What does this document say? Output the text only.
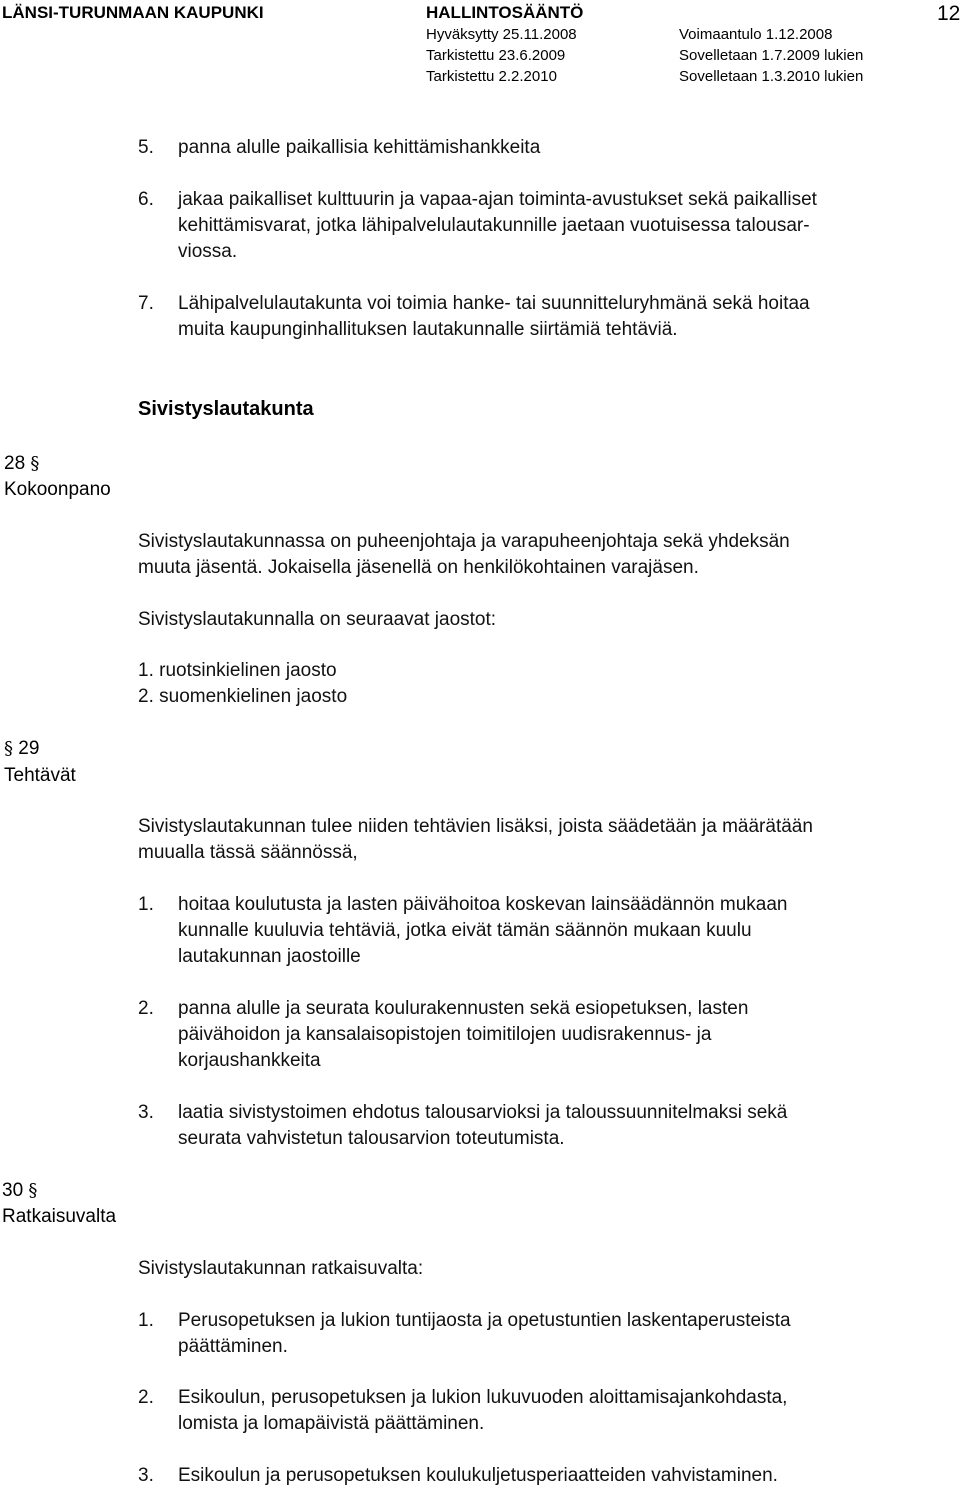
LÄNSI-TURUNMAAN KAUPUNKI	HALLINTOSÄÄNTÖ	12
Hyväksytty 25.11.2008
Tarkistettu 23.6.2009
Tarkistettu 2.2.2010
Voimaantulo 1.12.2008
Sovelletaan 1.7.2009 lukien
Sovelletaan 1.3.2010 lukien
5. panna alulle paikallisia kehittämishankkeita
6. jakaa paikalliset kulttuurin ja vapaa-ajan toiminta-avustukset sekä paikalliset
kehittämisvarat, jotka lähipalvelulautakunnille jaetaan vuotuisessa talousar-
viossa.
7. Lähipalvelulautakunta voi toimia hanke- tai suunnitteluryhmänä sekä hoitaa
muita kaupunginhallituksen lautakunnalle siirtämiä tehtäviä.
Sivistyslautakunta
28 §
Kokoonpano
Sivistyslautakunnassa on puheenjohtaja ja varapuheenjohtaja sekä yhdeksän
muuta jäsentä. Jokaisella jäsenellä on henkilökohtainen varajäsen.
Sivistyslautakunnalla on seuraavat jaostot:
1. ruotsinkielinen jaosto
2. suomenkielinen jaosto
§ 29
Tehtävät
Sivistyslautakunnan tulee niiden tehtävien lisäksi, joista säädetään ja määrätään
muualla tässä säännössä,
1. hoitaa koulutusta ja lasten päivähoitoa koskevan lainsäädännön mukaan
kunnalle kuuluvia tehtäviä, jotka eivät tämän säännön mukaan kuulu
lautakunnan jaostoille
2. panna alulle ja seurata koulurakennusten sekä esiopetuksen, lasten
päivähoidon ja kansalaisopistojen toimitilojen uudisrakennus- ja
korjaushankkeita
3. laatia sivistystoimen ehdotus talousarvioksi ja taloussuunnitelmaksi sekä
seurata vahvistetun talousarvion toteutumista.
30 §
Ratkaisuvalta
Sivistyslautakunnan ratkaisuvalta:
1. Perusopetuksen ja lukion tuntijaosta ja opetustuntien laskentaperusteista
päättäminen.
2. Esikoulun, perusopetuksen ja lukion lukuvuoden aloittamisajankohdasta,
lomista ja lomapäivistä päättäminen.
3. Esikoulun ja perusopetuksen koulukuljetusperiaatteiden vahvistaminen.
